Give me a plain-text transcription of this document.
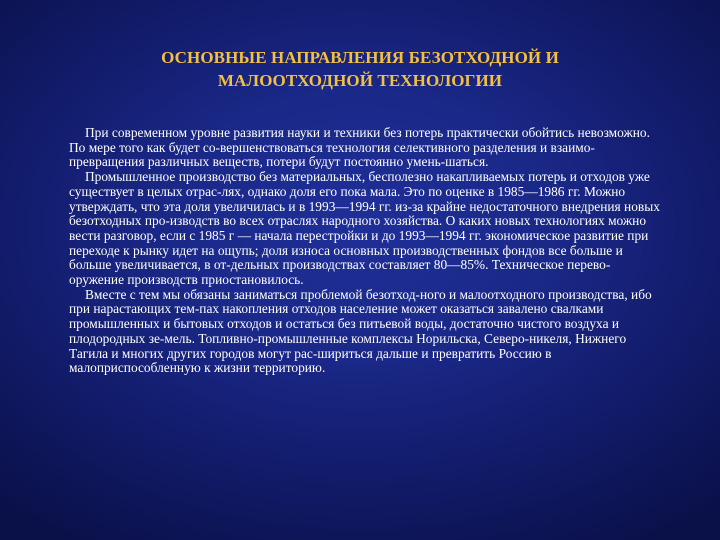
ОСНОВНЫЕ НАПРАВЛЕНИЯ БЕЗОТХОДНОЙ И
МАЛООТХОДНОЙ ТЕХНОЛОГИИ

При современном уровне развития науки и техники без потерь практически обойтись невозможно. По мере того как будет со-вершенствоваться технология селективного разделения и взаимо-превращения различных веществ, потери будут постоянно умень-шаться.

Промышленное производство без материальных, бесполезно накапливаемых потерь и отходов уже существует в целых отрас-лях, однако доля его пока мала. Это по оценке в 1985—1986 гг. Можно утверждать, что эта доля увеличилась и в 1993—1994 гг. из-за крайне недостаточного внедрения новых безотходных про-изводств во всех отраслях народного хозяйства. О каких новых технологиях можно вести разговор, если с 1985 г — начала перестройки и до 1993—1994 гг. экономическое развитие при переходе к рынку идет на ощупь; доля износа основных производственных фондов все больше и больше увеличивается, в от-дельных производствах составляет 80—85%. Техническое перево-оружение производств приостановилось.

Вместе с тем мы обязаны заниматься проблемой безотход-ного и малоотходного производства, ибо при нарастающих тем-пах накопления отходов население может оказаться завалено свалками промышленных и бытовых отходов и остаться без питьевой воды, достаточно чистого воздуха и плодородных зе-мель. Топливно-промышленные комплексы Норильска, Северо-никеля, Нижнего Тагила и многих других городов могут рас-шириться дальше и превратить Россию в малоприспособленную к жизни территорию.
